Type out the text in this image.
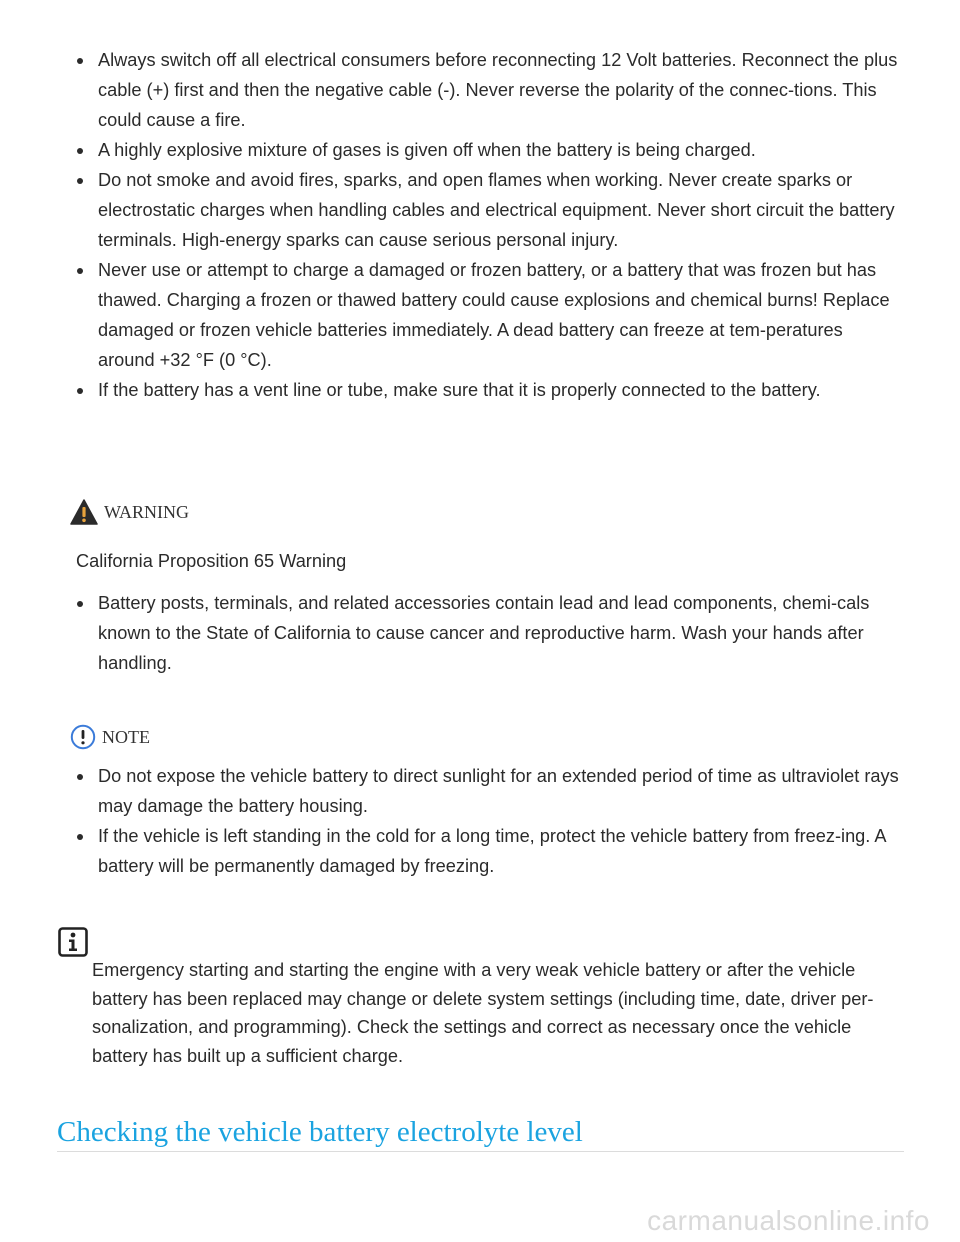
Always switch off all electrical consumers before reconnecting 12 Volt batteries. Reconnect the plus cable (+) first and then the negative cable (-). Never reverse the polarity of the connec-tions. This could cause a fire.
A highly explosive mixture of gases is given off when the battery is being charged.
Do not smoke and avoid fires, sparks, and open flames when working. Never create sparks or electrostatic charges when handling cables and electrical equipment. Never short circuit the battery terminals. High-energy sparks can cause serious personal injury.
Never use or attempt to charge a damaged or frozen battery, or a battery that was frozen but has thawed. Charging a frozen or thawed battery could cause explosions and chemical burns! Replace damaged or frozen vehicle batteries immediately. A dead battery can freeze at tem-peratures around +32 °F (0 °C).
If the battery has a vent line or tube, make sure that it is properly connected to the battery.
WARNING
California Proposition 65 Warning
Battery posts, terminals, and related accessories contain lead and lead components, chemi-cals known to the State of California to cause cancer and reproductive harm. Wash your hands after handling.
NOTE
Do not expose the vehicle battery to direct sunlight for an extended period of time as ultraviolet rays may damage the battery housing.
If the vehicle is left standing in the cold for a long time, protect the vehicle battery from freez-ing. A battery will be permanently damaged by freezing.
Emergency starting and starting the engine with a very weak vehicle battery or after the vehicle battery has been replaced may change or delete system settings (including time, date, driver per-sonalization, and programming). Check the settings and correct as necessary once the vehicle battery has built up a sufficient charge.
Checking the vehicle battery electrolyte level
carmanualsonline.info
